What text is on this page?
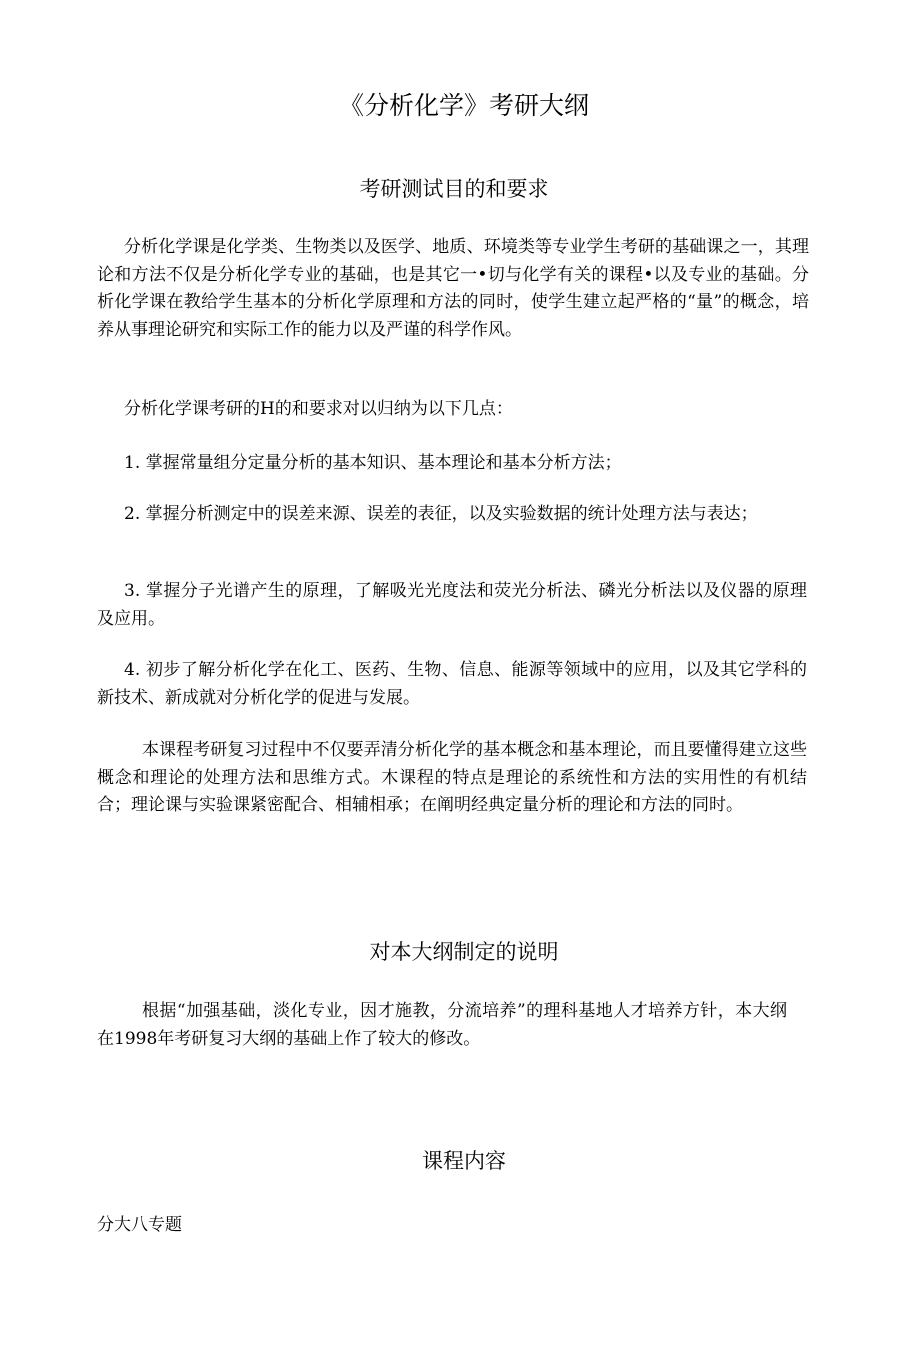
《分析化学》考研大纲
考研测试目的和要求
分析化学课是化学类、生物类以及医学、地质、环境类等专业学生考研的基础课之一，其理论和方法不仅是分析化学专业的基础，也是其它一•切与化学有关的课程•以及专业的基础。分析化学课在教给学生基本的分析化学原理和方法的同时，使学生建立起严格的“量”的概念，培养从事理论研究和实际工作的能力以及严谨的科学作风。
分析化学课考研的H的和要求对以归纳为以下几点：
1. 掌握常量组分定量分析的基本知识、基本理论和基本分析方法；
2. 掌握分析测定中的误差来源、误差的表征，以及实验数据的统计处理方法与表达；
3. 掌握分子光谱产生的原理，了解吸光光度法和荧光分析法、磷光分析法以及仪器的原理及应用。
4. 初步了解分析化学在化工、医药、生物、信息、能源等领域中的应用，以及其它学科的新技术、新成就对分析化学的促进与发展。
本课程考研复习过程中不仅要弄清分析化学的基本概念和基本理论，而且要懂得建立这些概念和理论的处理方法和思维方式。木课程的特点是理论的系统性和方法的实用性的有机结合；理论课与实验课紧密配合、相辅相承；在阐明经典定量分析的理论和方法的同时。
对本大纲制定的说明
根据“加强基础，淡化专业，因才施教，分流培养”的理科基地人才培养方针，本大纲在1998年考研复习大纲的基础上作了较大的修改。
课程内容
分大八专题
